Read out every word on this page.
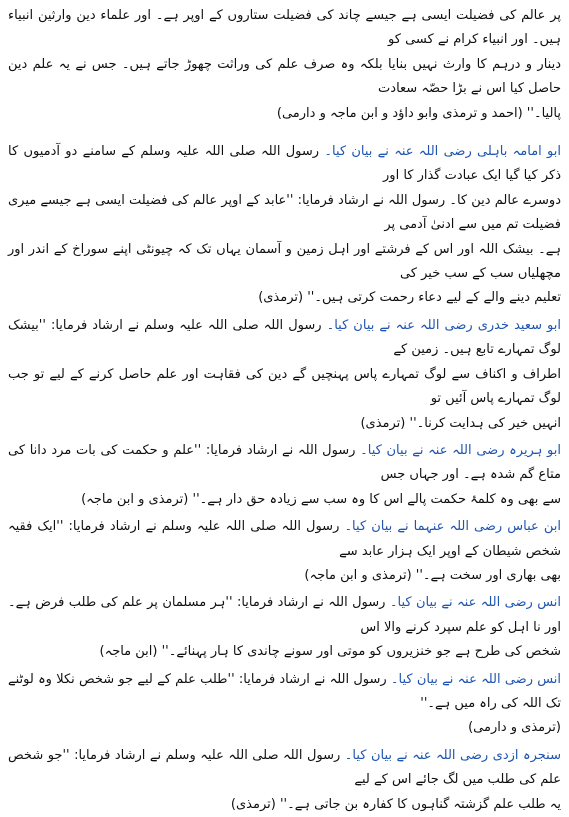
پر عالم کی فضیلت ایسی ہے جیسے چاند کی فضیلت ستاروں کے اوپر ہے۔ اور علماء دین وارثین انبیاء ہیں۔ اور انبیاء کرام نے کسی کو
دینار و درہم کا وارث نہیں بنایا بلکہ وہ صرف علم کی وراثت چھوڑ جاتے ہیں۔ جس نے یہ علم دین حاصل کیا اس نے بڑا حصّہ سعادت
پالیا۔'' (احمد و ترمذی وابو داؤد و ابن ماجہ و دارمی)

ابو امامہ باہلی رضی اللہ عنہ نے بیان کیا۔ رسول اللہ صلی اللہ علیہ وسلم کے سامنے دو آدمیوں کا ذکر کیا گیا ایک عبادت گذار کا اور
دوسرے عالم دین کا۔ رسول اللہ نے ارشاد فرمایا: ''عابد کے اوپر عالم کی فضیلت ایسی ہے جیسے میری فضیلت تم میں سے ادنیٰ آدمی پر
ہے۔ بیشک اللہ اور اس کے فرشتے اور اہل زمین و آسمان یہاں تک کہ چیونٹی اپنے سوراخ کے اندر اور مچھلیاں سب کے سب خیر کی
تعلیم دینے والے کے لیے دعاء رحمت کرتی ہیں۔'' (ترمذی)

ابو سعید خدری رضی اللہ عنہ نے بیان کیا۔ رسول اللہ صلی اللہ علیہ وسلم نے ارشاد فرمایا: ''بیشک لوگ تمہارے تابع ہیں۔ زمین کے
اطراف و اکناف سے لوگ تمہارے پاس پہنچیں گے دین کی فقاہت اور علم حاصل کرنے کے لیے تو جب لوگ تمہارے پاس آئیں تو
انہیں خیر کی ہدایت کرنا۔'' (ترمذی)

ابو ہریرہ رضی اللہ عنہ نے بیان کیا۔ رسول اللہ نے ارشاد فرمایا: ''علم و حکمت کی بات مرد دانا کی متاع گم شدہ ہے۔ اور جہاں جس
سے بھی وہ کلمۂ حکمت پالے اس کا وہ سب سے زیادہ حق دار ہے۔'' (ترمذی و ابن ماجہ)

ابن عباس رضی اللہ عنہما نے بیان کیا۔ رسول اللہ صلی اللہ علیہ وسلم نے ارشاد فرمایا: ''ایک فقیہ شخص شیطان کے اوپر ایک ہزار عابد سے
بھی بھاری اور سخت ہے۔'' (ترمذی و ابن ماجہ)

انس رضی اللہ عنہ نے بیان کیا۔ رسول اللہ نے ارشاد فرمایا: ''ہر مسلمان پر علم کی طلب فرض ہے۔ اور نا اہل کو علم سپرد کرنے والا اس
شخص کی طرح ہے جو خنزیروں کو موتی اور سونے چاندی کا ہار پہنائے۔'' (ابن ماجہ)

انس رضی اللہ عنہ نے بیان کیا۔ رسول اللہ نے ارشاد فرمایا: ''طلب علم کے لیے جو شخص نکلا وہ لوٹنے تک اللہ کی راہ میں ہے۔''
(ترمذی و دارمی)

سنجرہ ازدی رضی اللہ عنہ نے بیان کیا۔ رسول اللہ صلی اللہ علیہ وسلم نے ارشاد فرمایا: ''جو شخص علم کی طلب میں لگ جائے اس کے لیے
یہ طلب علم گزشتہ گناہوں کا کفارہ بن جاتی ہے۔'' (ترمذی)
